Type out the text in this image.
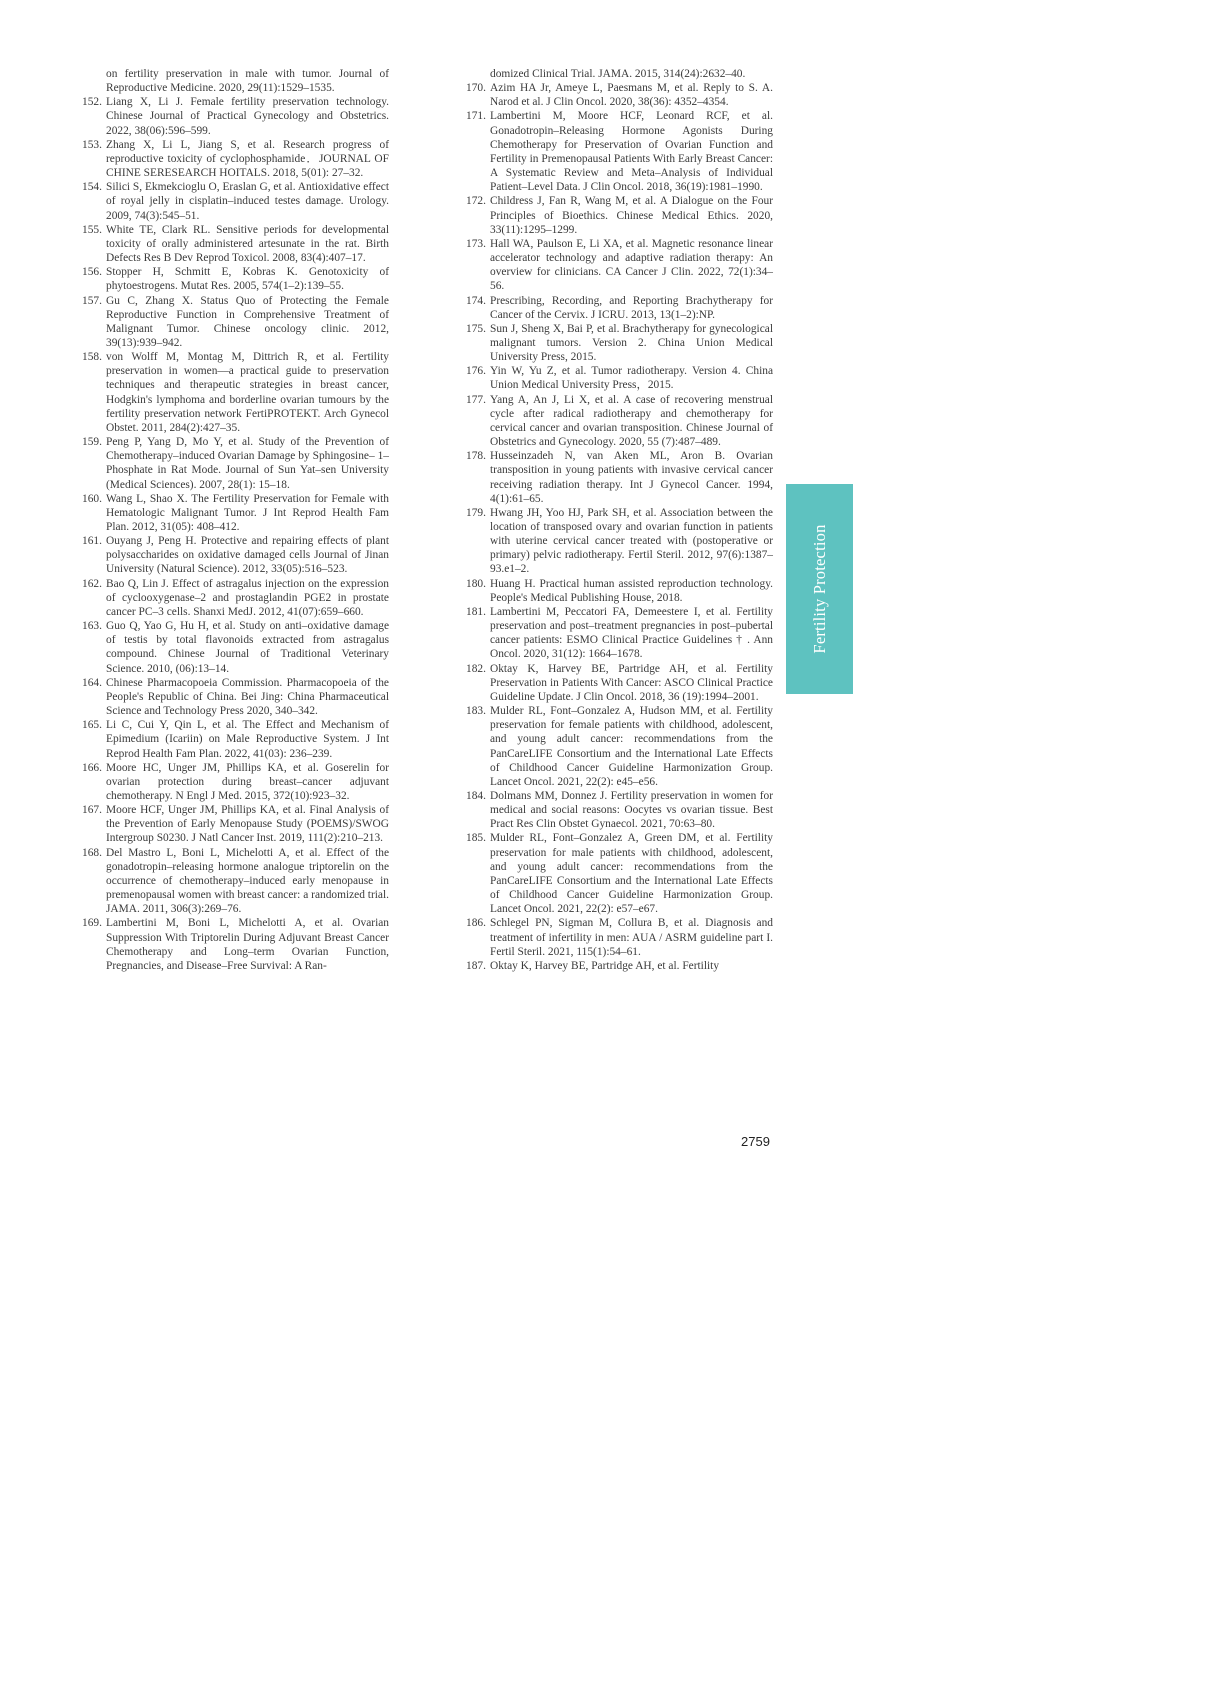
on fertility preservation in male with tumor. Journal of Reproductive Medicine. 2020, 29(11):1529–1535.

152. Liang X, Li J. Female fertility preservation technology. Chinese Journal of Practical Gynecology and Obstetrics. 2022, 38(06):596–599.
153. Zhang X, Li L, Jiang S, et al. Research progress of reproductive toxicity of cyclophosphamide．JOURNAL OF CHINE SERESEARCH HOITALS. 2018, 5(01): 27–32.
154. Silici S, Ekmekcioglu O, Eraslan G, et al. Antioxidative effect of royal jelly in cisplatin–induced testes damage. Urology. 2009, 74(3):545–51.
155. White TE, Clark RL. Sensitive periods for developmental toxicity of orally administered artesunate in the rat. Birth Defects Res B Dev Reprod Toxicol. 2008, 83(4):407–17.
156. Stopper H, Schmitt E, Kobras K. Genotoxicity of phytoestrogens. Mutat Res. 2005, 574(1–2):139–55.
157. Gu C, Zhang X. Status Quo of Protecting the Female Reproductive Function in Comprehensive Treatment of Malignant Tumor. Chinese oncology clinic. 2012, 39(13):939–942.
158. von Wolff M, Montag M, Dittrich R, et al. Fertility preservation in women––a practical guide to preservation techniques and therapeutic strategies in breast cancer, Hodgkin's lymphoma and borderline ovarian tumours by the fertility preservation network FertiPROTEKT. Arch Gynecol Obstet. 2011, 284(2):427–35.
159. Peng P, Yang D, Mo Y, et al. Study of the Prevention of Chemotherapy–induced Ovarian Damage by Sphingosine– 1– Phosphate in Rat Mode. Journal of Sun Yat–sen University (Medical Sciences). 2007, 28(1): 15–18.
160. Wang L, Shao X. The Fertility Preservation for Female with Hematologic Malignant Tumor. J Int Reprod Health Fam Plan. 2012, 31(05): 408–412.
161. Ouyang J, Peng H. Protective and repairing effects of plant polysaccharides on oxidative damaged cells Journal of Jinan University (Natural Science). 2012, 33(05):516–523.
162. Bao Q, Lin J. Effect of astragalus injection on the expression of cyclooxygenase–2 and prostaglandin PGE2 in prostate cancer PC–3 cells. Shanxi MedJ. 2012, 41(07):659–660.
163. Guo Q, Yao G, Hu H, et al. Study on anti–oxidative damage of testis by total flavonoids extracted from astragalus compound. Chinese Journal of Traditional Veterinary Science. 2010, (06):13–14.
164. Chinese Pharmacopoeia Commission. Pharmacopoeia of the People's Republic of China. Bei Jing: China Pharmaceutical Science and Technology Press 2020, 340–342.
165. Li C, Cui Y, Qin L, et al. The Effect and Mechanism of Epimedium (Icariin) on Male Reproductive System. J Int Reprod Health Fam Plan. 2022, 41(03): 236–239.
166. Moore HC, Unger JM, Phillips KA, et al. Goserelin for ovarian protection during breast–cancer adjuvant chemotherapy. N Engl J Med. 2015, 372(10):923–32.
167. Moore HCF, Unger JM, Phillips KA, et al. Final Analysis of the Prevention of Early Menopause Study (POEMS)/SWOG Intergroup S0230. J Natl Cancer Inst. 2019, 111(2):210–213.
168. Del Mastro L, Boni L, Michelotti A, et al. Effect of the gonadotropin–releasing hormone analogue triptorelin on the occurrence of chemotherapy–induced early menopause in premenopausal women with breast cancer: a randomized trial. JAMA. 2011, 306(3):269–76.
169. Lambertini M, Boni L, Michelotti A, et al. Ovarian Suppression With Triptorelin During Adjuvant Breast Cancer Chemotherapy and Long–term Ovarian Function, Pregnancies, and Disease–Free Survival: A Ran-

domized Clinical Trial. JAMA. 2015, 314(24):2632–40.

170. Azim HA Jr, Ameye L, Paesmans M, et al. Reply to S. A. Narod et al. J Clin Oncol. 2020, 38(36): 4352–4354.
171. Lambertini M, Moore HCF, Leonard RCF, et al. Gonadotropin–Releasing Hormone Agonists During Chemotherapy for Preservation of Ovarian Function and Fertility in Premenopausal Patients With Early Breast Cancer: A Systematic Review and Meta–Analysis of Individual Patient–Level Data. J Clin Oncol. 2018, 36(19):1981–1990.
172. Childress J, Fan R, Wang M, et al. A Dialogue on the Four Principles of Bioethics. Chinese Medical Ethics. 2020, 33(11):1295–1299.
173. Hall WA, Paulson E, Li XA, et al. Magnetic resonance linear accelerator technology and adaptive radiation therapy: An overview for clinicians. CA Cancer J Clin. 2022, 72(1):34–56.
174. Prescribing, Recording, and Reporting Brachytherapy for Cancer of the Cervix. J ICRU. 2013, 13(1–2):NP.
175. Sun J, Sheng X, Bai P, et al. Brachytherapy for gynecological malignant tumors. Version 2. China Union Medical University Press, 2015.
176. Yin W, Yu Z, et al. Tumor radiotherapy. Version 4. China Union Medical University Press，2015.
177. Yang A, An J, Li X, et al. A case of recovering menstrual cycle after radical radiotherapy and chemotherapy for cervical cancer and ovarian transposition. Chinese Journal of Obstetrics and Gynecology. 2020, 55 (7):487–489.
178. Husseinzadeh N, van Aken ML, Aron B. Ovarian transposition in young patients with invasive cervical cancer receiving radiation therapy. Int J Gynecol Cancer. 1994, 4(1):61–65.
179. Hwang JH, Yoo HJ, Park SH, et al. Association between the location of transposed ovary and ovarian function in patients with uterine cervical cancer treated with (postoperative or primary) pelvic radiotherapy. Fertil Steril. 2012, 97(6):1387–93.e1–2.
180. Huang H. Practical human assisted reproduction technology. People's Medical Publishing House, 2018.
181. Lambertini M, Peccatori FA, Demeestere I, et al. Fertility preservation and post–treatment pregnancies in post–pubertal cancer patients: ESMO Clinical Practice Guidelines † . Ann Oncol. 2020, 31(12): 1664–1678.
182. Oktay K, Harvey BE, Partridge AH, et al. Fertility Preservation in Patients With Cancer: ASCO Clinical Practice Guideline Update. J Clin Oncol. 2018, 36 (19):1994–2001.
183. Mulder RL, Font–Gonzalez A, Hudson MM, et al. Fertility preservation for female patients with childhood, adolescent, and young adult cancer: recommendations from the PanCareLIFE Consortium and the International Late Effects of Childhood Cancer Guideline Harmonization Group. Lancet Oncol. 2021, 22(2): e45–e56.
184. Dolmans MM, Donnez J. Fertility preservation in women for medical and social reasons: Oocytes vs ovarian tissue. Best Pract Res Clin Obstet Gynaecol. 2021, 70:63–80.
185. Mulder RL, Font–Gonzalez A, Green DM, et al. Fertility preservation for male patients with childhood, adolescent, and young adult cancer: recommendations from the PanCareLIFE Consortium and the International Late Effects of Childhood Cancer Guideline Harmonization Group. Lancet Oncol. 2021, 22(2): e57–e67.
186. Schlegel PN, Sigman M, Collura B, et al. Diagnosis and treatment of infertility in men: AUA / ASRM guideline part I. Fertil Steril. 2021, 115(1):54–61.
187. Oktay K, Harvey BE, Partridge AH, et al. Fertility
Fertility Protection
2759
